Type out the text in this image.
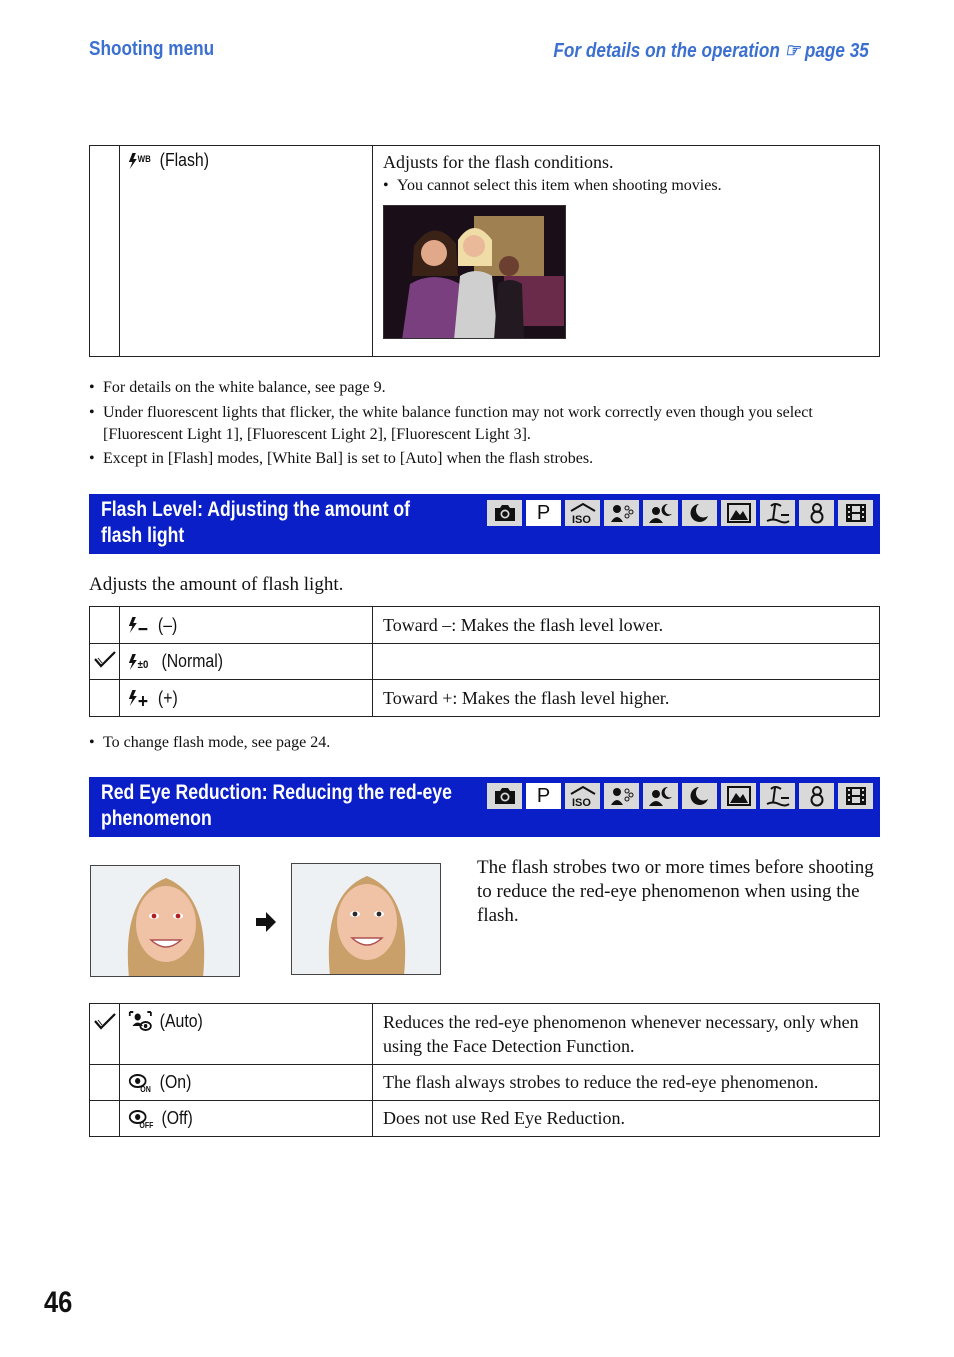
Shooting menu	For details on the operation ☞ page 35

WB (Flash)	Adjusts for the flash conditions.
• You cannot select this item when shooting movies.
• For details on the white balance, see page 9.
• Under fluorescent lights that flicker, the white balance function may not work correctly even though you select [Fluorescent Light 1], [Fluorescent Light 2], [Fluorescent Light 3].
• Except in [Flash] modes, [White Bal] is set to [Auto] when the flash strobes.
Flash Level: Adjusting the amount of
flash light
P ISO
Adjusts the amount of flash light.

	(–)	Toward –: Makes the flash level lower.

±0 (Normal)	

	(+)	Toward +: Makes the flash level higher.
• To change flash mode, see page 24.
Red Eye Reduction: Reducing the red-eye
phenomenon
P ISO
The flash strobes two or more times before shooting to reduce the red-eye phenomenon when using the flash.

(Auto)	Reduces the red-eye phenomenon whenever necessary, only when using the Face Detection Function.

ON (On)	The flash always strobes to reduce the red-eye phenomenon.

OFF (Off)	Does not use Red Eye Reduction.
46
